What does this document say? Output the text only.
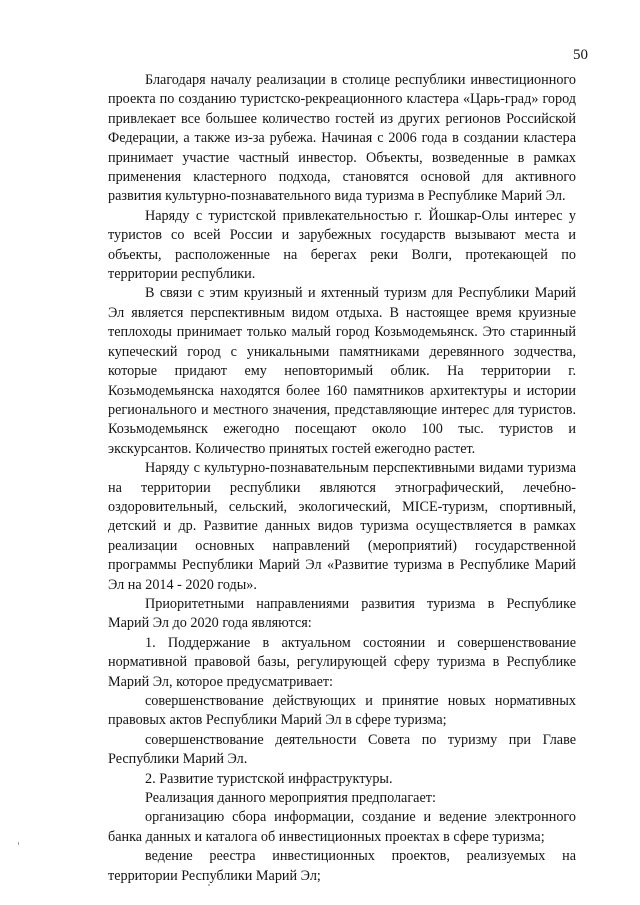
50

Благодаря началу реализации в столице республики инвестиционного проекта по созданию туристско-рекреационного кластера «Царь-град» город привлекает все большее количество гостей из других регионов Российской Федерации, а также из-за рубежа. Начиная с 2006 года в создании кластера принимает участие частный инвестор. Объекты, возведенные в рамках применения кластерного подхода, становятся основой для активного развития культурно-познавательного вида туризма в Республике Марий Эл.

Наряду с туристской привлекательностью г. Йошкар-Олы интерес у туристов со всей России и зарубежных государств вызывают места и объекты, расположенные на берегах реки Волги, протекающей по территории республики.

В связи с этим круизный и яхтенный туризм для Республики Марий Эл является перспективным видом отдыха. В настоящее время круизные теплоходы принимает только малый город Козьмодемьянск. Это старинный купеческий город с уникальными памятниками деревянного зодчества, которые придают ему неповторимый облик. На территории г. Козьмодемьянска находятся более 160 памятников архитектуры и истории регионального и местного значения, представляющие интерес для туристов. Козьмодемьянск ежегодно посещают около 100 тыс. туристов и экскурсантов. Количество принятых гостей ежегодно растет.

Наряду с культурно-познавательным перспективными видами туризма на территории республики являются этнографический, лечебно-оздоровительный, сельский, экологический, MICE-туризм, спортивный, детский и др. Развитие данных видов туризма осуществляется в рамках реализации основных направлений (мероприятий) государственной программы Республики Марий Эл «Развитие туризма в Республике Марий Эл на 2014 - 2020 годы».

Приоритетными направлениями развития туризма в Республике Марий Эл до 2020 года являются:

1. Поддержание в актуальном состоянии и совершенствование нормативной правовой базы, регулирующей сферу туризма в Республике Марий Эл, которое предусматривает:

совершенствование действующих и принятие новых нормативных правовых актов Республики Марий Эл в сфере туризма;

совершенствование деятельности Совета по туризму при Главе Республики Марий Эл.

2. Развитие туристской инфраструктуры.

Реализация данного мероприятия предполагает:

организацию сбора информации, создание и ведение электронного банка данных и каталога об инвестиционных проектах в сфере туризма;

ведение реестра инвестиционных проектов, реализуемых на территории Республики Марий Эл;
